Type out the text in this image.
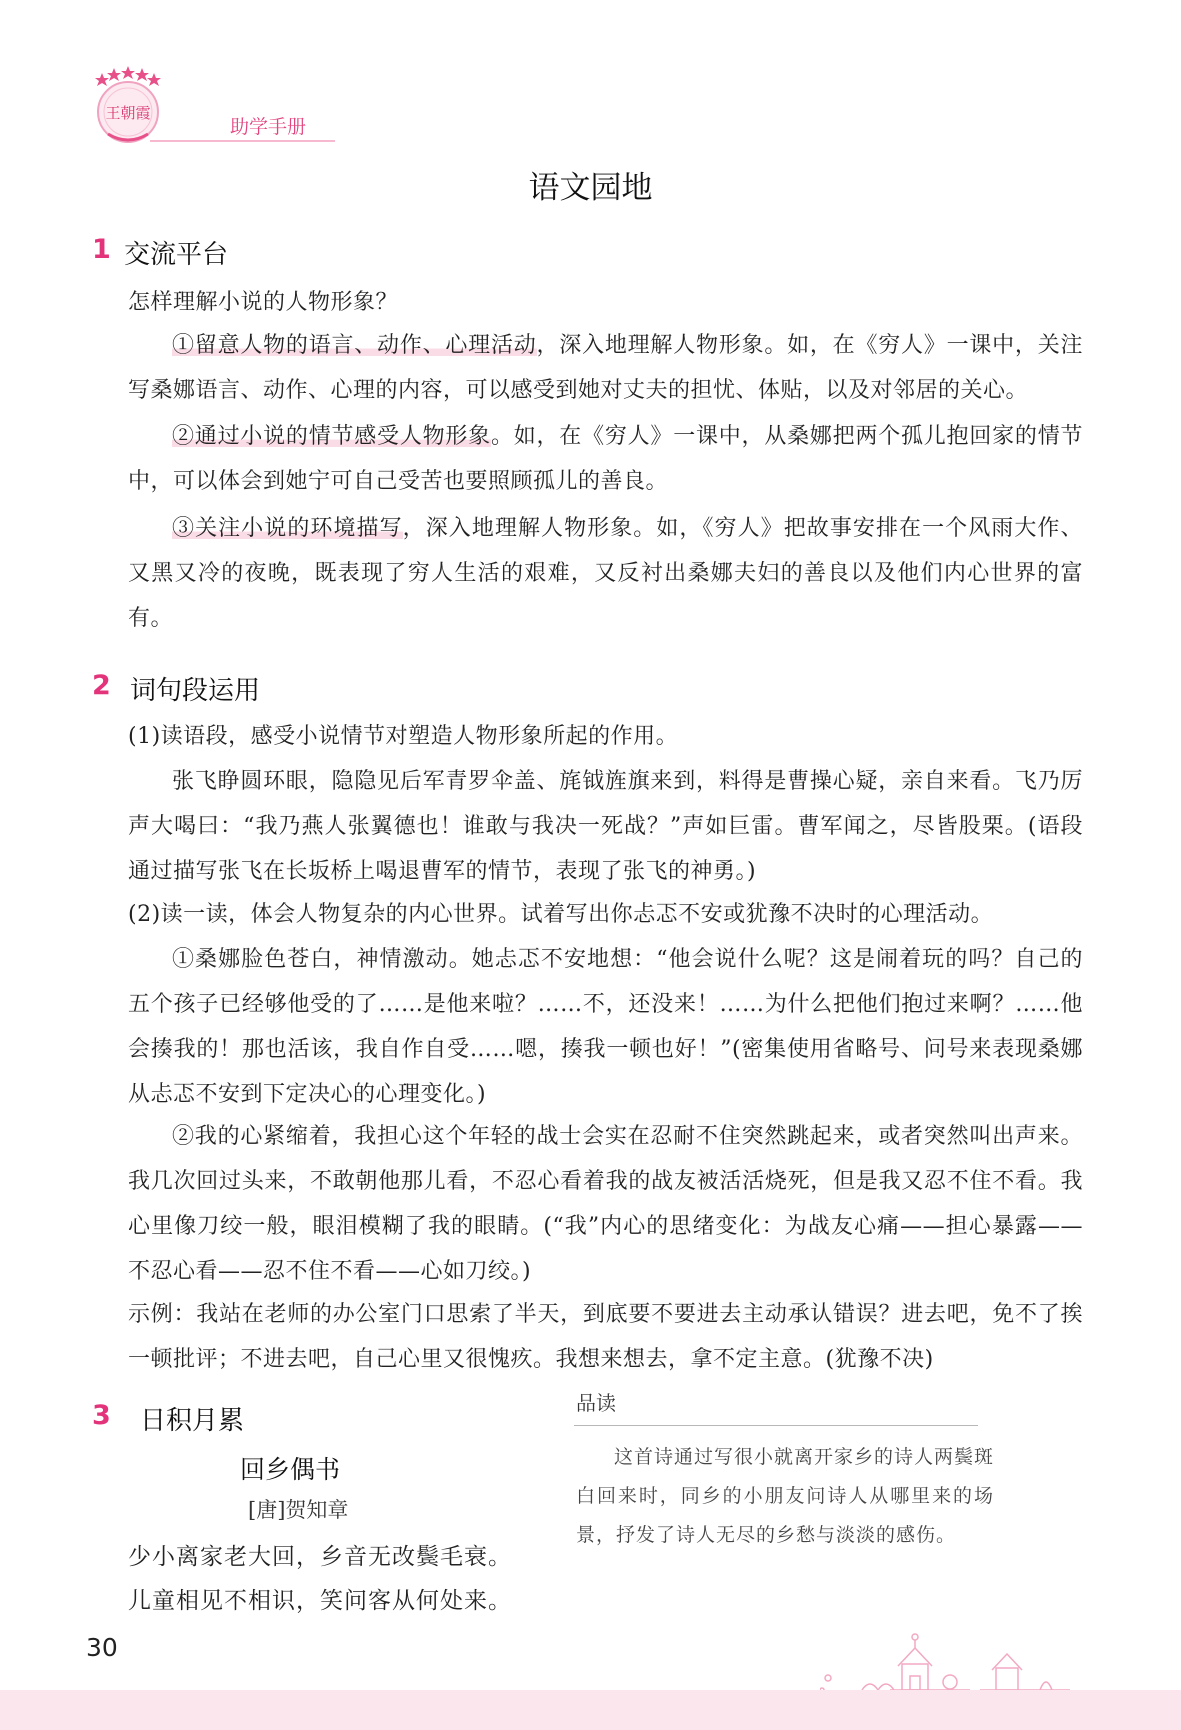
王朝霞
助学手册
语文园地
1 交流平台
怎样理解小说的人物形象？
①留意人物的语言、动作、心理活动，深入地理解人物形象。如，在《穷人》一课中，关注写桑娜语言、动作、心理的内容，可以感受到她对丈夫的担忧、体贴，以及对邻居的关心。
②通过小说的情节感受人物形象。如，在《穷人》一课中，从桑娜把两个孤儿抱回家的情节中，可以体会到她宁可自己受苦也要照顾孤儿的善良。
③关注小说的环境描写，深入地理解人物形象。如，《穷人》把故事安排在一个风雨大作、又黑又冷的夜晚，既表现了穷人生活的艰难，又反衬出桑娜夫妇的善良以及他们内心世界的富有。
2 词句段运用
(1)读语段，感受小说情节对塑造人物形象所起的作用。
张飞睁圆环眼，隐隐见后军青罗伞盖、旄钺旌旗来到，料得是曹操心疑，亲自来看。飞乃厉声大喝曰：“我乃燕人张翼德也！谁敢与我决一死战？”声如巨雷。曹军闻之，尽皆股栗。(语段通过描写张飞在长坂桥上喝退曹军的情节，表现了张飞的神勇。)
(2)读一读，体会人物复杂的内心世界。试着写出你忐忑不安或犹豫不决时的心理活动。
①桑娜脸色苍白，神情激动。她忐忑不安地想：“他会说什么呢？这是闹着玩的吗？自己的五个孩子已经够他受的了……是他来啦？……不，还没来！……为什么把他们抱过来啊？……他会揍我的！那也活该，我自作自受……嗯，揍我一顿也好！”(密集使用省略号、问号来表现桑娜从忐忑不安到下定决心的心理变化。)
②我的心紧缩着，我担心这个年轻的战士会实在忍耐不住突然跳起来，或者突然叫出声来。我几次回过头来，不敢朝他那儿看，不忍心看着我的战友被活活烧死，但是我又忍不住不看。我心里像刀绞一般，眼泪模糊了我的眼睛。(“我”内心的思绪变化：为战友心痛——担心暴露——不忍心看——忍不住不看——心如刀绞。)
示例：我站在老师的办公室门口思索了半天，到底要不要进去主动承认错误？进去吧，免不了挨一顿批评；不进去吧，自己心里又很愧疚。我想来想去，拿不定主意。(犹豫不决)
3 日积月累
回乡偶书
[唐]贺知章
少小离家老大回，乡音无改鬓毛衰。
儿童相见不相识，笑问客从何处来。
品读
这首诗通过写很小就离开家乡的诗人两鬓斑白回来时，同乡的小朋友问诗人从哪里来的场景，抒发了诗人无尽的乡愁与淡淡的感伤。
30
